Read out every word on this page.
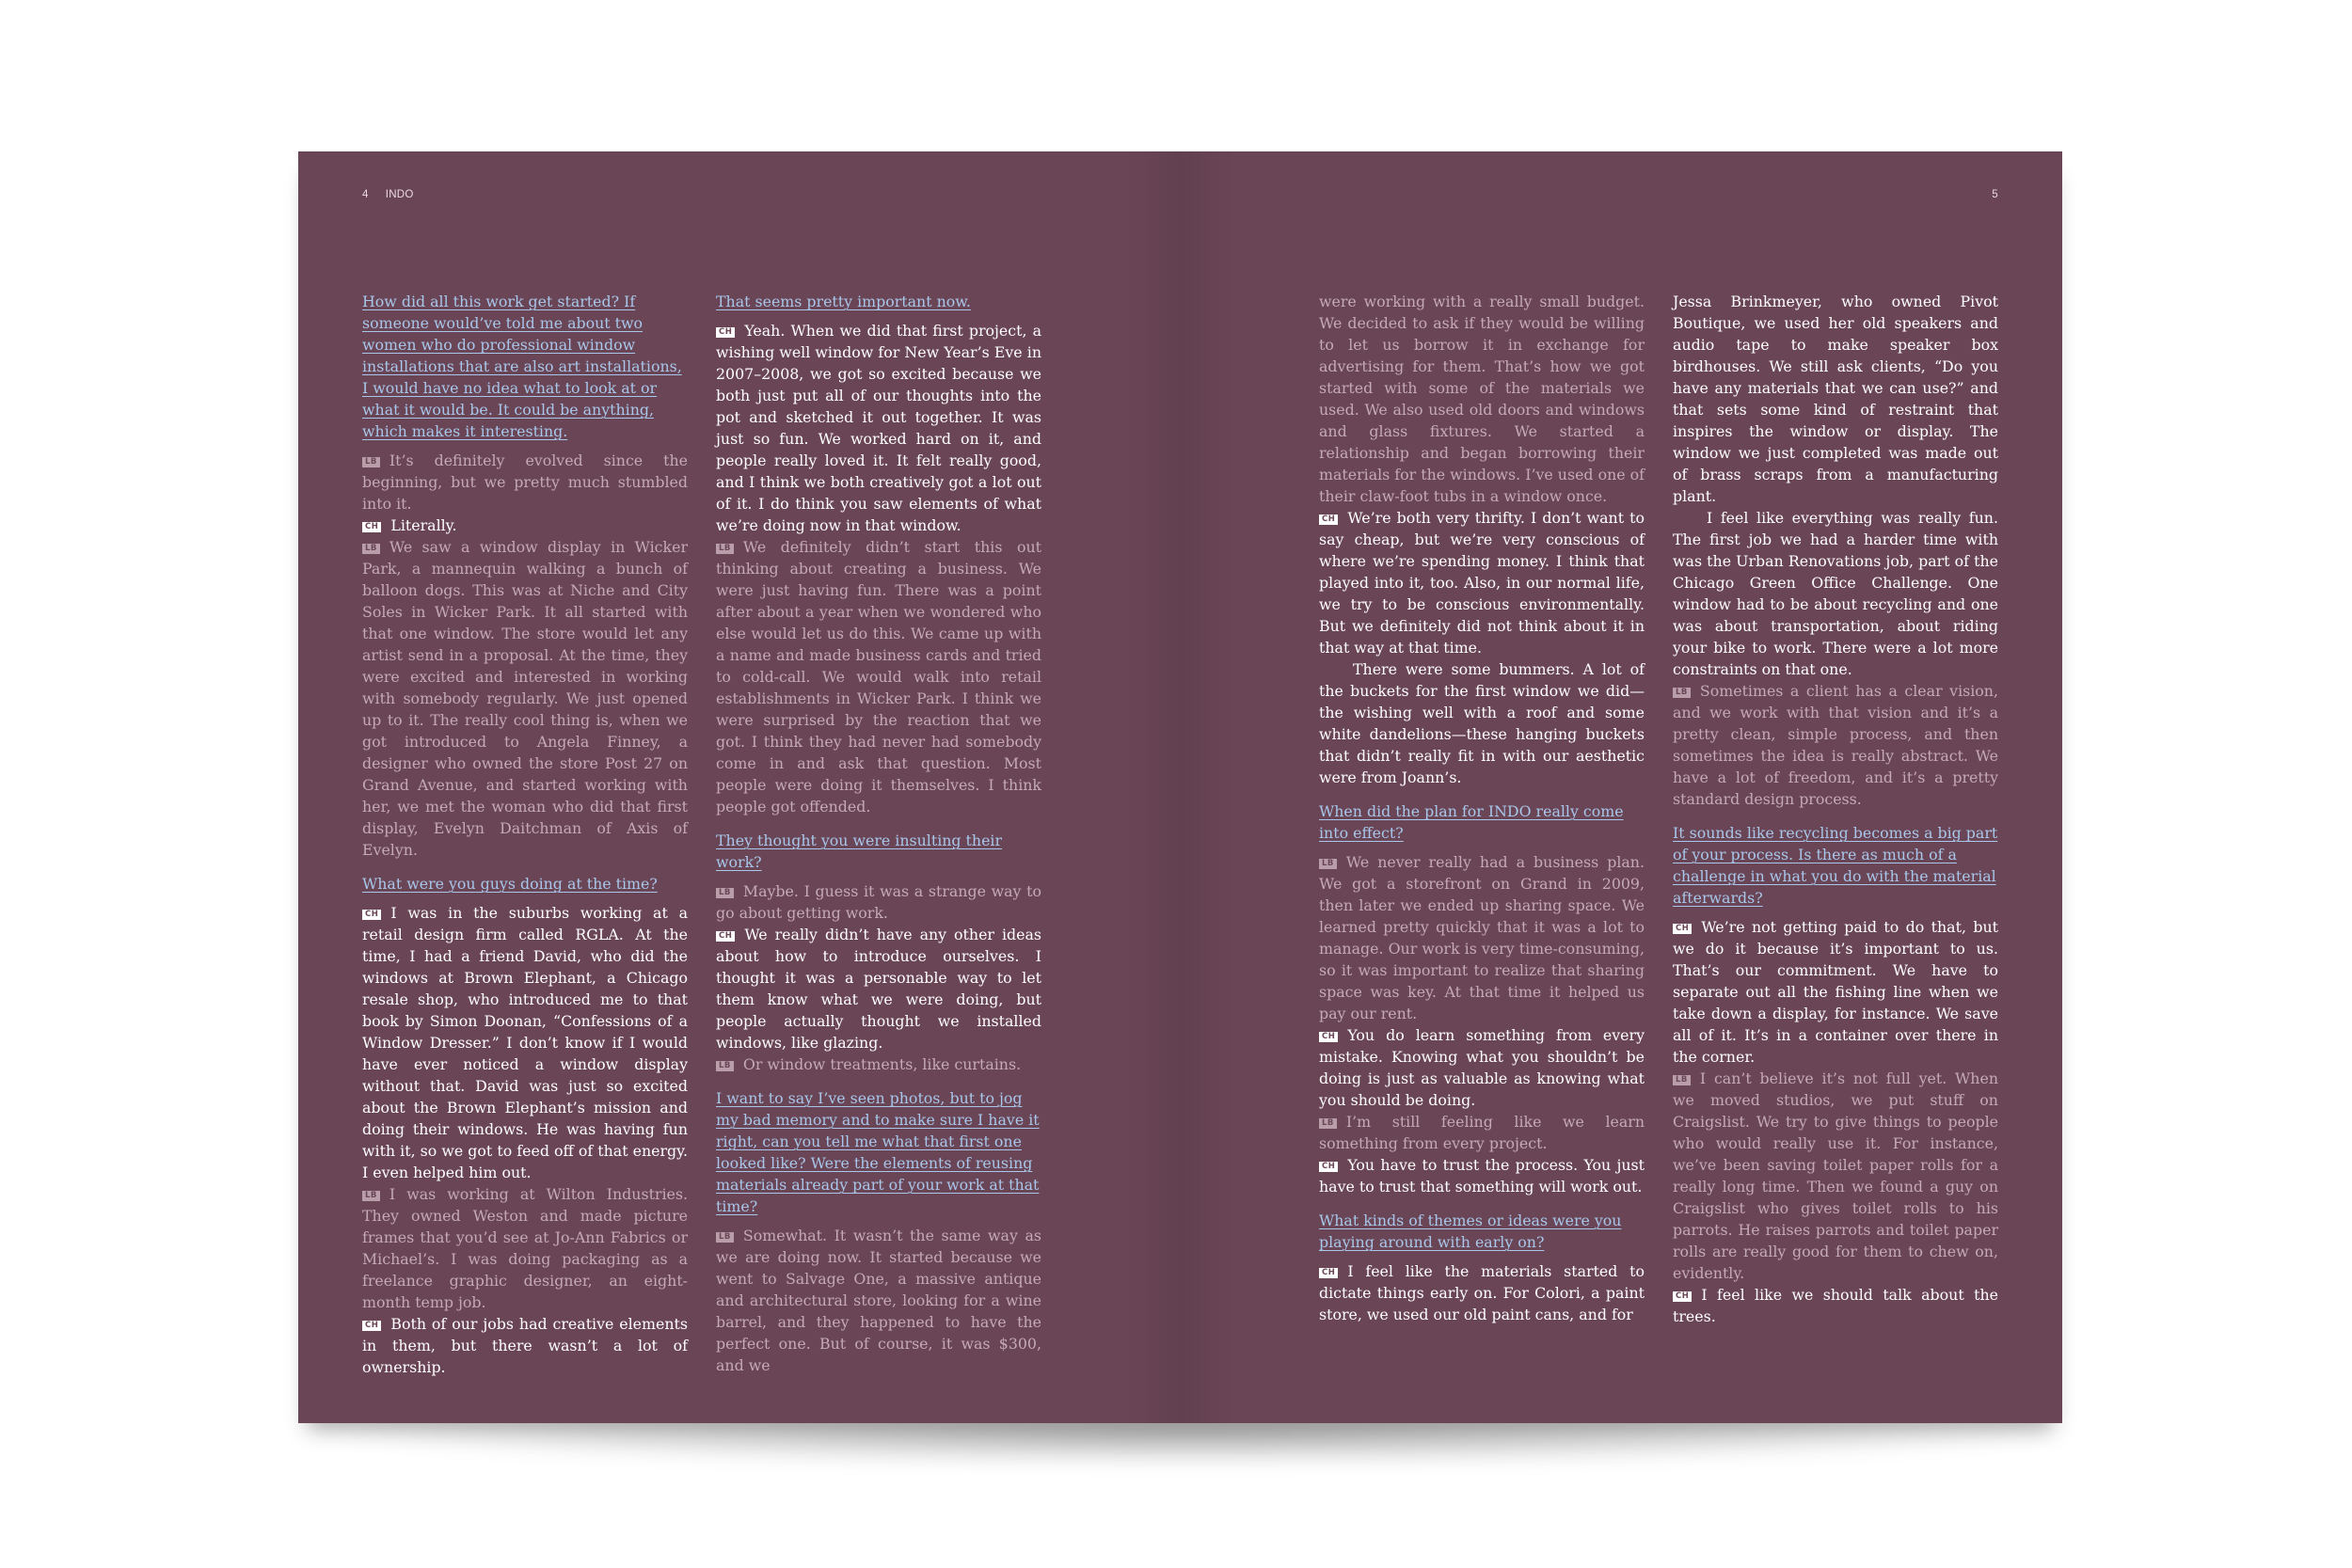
4 INDO

How did all this work get started? If someone would’ve told me about two women who do professional window installations that are also art installations, I would have no idea what to look at or what it would be. It could be anything, which makes it interesting.

LB It’s definitely evolved since the beginning, but we pretty much stumbled into it.

CH Literally.

LB We saw a window display in Wicker Park, a mannequin walking a bunch of balloon dogs. This was at Niche and City Soles in Wicker Park. It all started with that one window. The store would let any artist send in a proposal. At the time, they were excited and interested in working with somebody regularly. We just opened up to it. The really cool thing is, when we got introduced to Angela Finney, a designer who owned the store Post 27 on Grand Avenue, and started working with her, we met the woman who did that first display, Evelyn Daitchman of Axis of Evelyn.

What were you guys doing at the time?

CH I was in the suburbs working at a retail design firm called RGLA. At the time, I had a friend David, who did the windows at Brown Elephant, a Chicago resale shop, who introduced me to that book by Simon Doonan, “Confessions of a Window Dresser.” I don’t know if I would have ever noticed a window display without that. David was just so excited about the Brown Elephant’s mission and doing their windows. He was having fun with it, so we got to feed off of that energy. I even helped him out.

LB I was working at Wilton Industries. They owned Weston and made picture frames that you’d see at Jo-Ann Fabrics or Michael’s. I was doing packaging as a freelance graphic designer, an eight-month temp job.

CH Both of our jobs had creative elements in them, but there wasn’t a lot of ownership.

That seems pretty important now.

CH Yeah. When we did that first project, a wishing well window for New Year’s Eve in 2007–2008, we got so excited because we both just put all of our thoughts into the pot and sketched it out together. It was just so fun. We worked hard on it, and people really loved it. It felt really good, and I think we both creatively got a lot out of it. I do think you saw elements of what we’re doing now in that window.

LB We definitely didn’t start this out thinking about creating a business. We were just having fun. There was a point after about a year when we wondered who else would let us do this. We came up with a name and made business cards and tried to cold-call. We would walk into retail establishments in Wicker Park. I think we were surprised by the reaction that we got. I think they had never had somebody come in and ask that question. Most people were doing it themselves. I think people got offended.

They thought you were insulting their work?

LB Maybe. I guess it was a strange way to go about getting work.

CH We really didn’t have any other ideas about how to introduce ourselves. I thought it was a personable way to let them know what we were doing, but people actually thought we installed windows, like glazing.

LB Or window treatments, like curtains.

I want to say I’ve seen photos, but to jog my bad memory and to make sure I have it right, can you tell me what that first one looked like? Were the elements of reusing materials already part of your work at that time?

LB Somewhat. It wasn’t the same way as we are doing now. It started because we went to Salvage One, a massive antique and architectural store, looking for a wine barrel, and they happened to have the perfect one. But of course, it was $300, and we

5

were working with a really small budget. We decided to ask if they would be willing to let us borrow it in exchange for advertising for them. That’s how we got started with some of the materials we used. We also used old doors and windows and glass fixtures. We started a relationship and began borrowing their materials for the windows. I’ve used one of their claw-foot tubs in a window once.

CH We’re both very thrifty. I don’t want to say cheap, but we’re very conscious of where we’re spending money. I think that played into it, too. Also, in our normal life, we try to be conscious environmentally. But we definitely did not think about it in that way at that time.

There were some bummers. A lot of the buckets for the first window we did—the wishing well with a roof and some white dandelions—these hanging buckets that didn’t really fit in with our aesthetic were from Joann’s.

When did the plan for INDO really come into effect?

LB We never really had a business plan. We got a storefront on Grand in 2009, then later we ended up sharing space. We learned pretty quickly that it was a lot to manage. Our work is very time-consuming, so it was important to realize that sharing space was key. At that time it helped us pay our rent.

CH You do learn something from every mistake. Knowing what you shouldn’t be doing is just as valuable as knowing what you should be doing.

LB I’m still feeling like we learn something from every project.

CH You have to trust the process. You just have to trust that something will work out.

What kinds of themes or ideas were you playing around with early on?

CH I feel like the materials started to dictate things early on. For Colori, a paint store, we used our old paint cans, and for

Jessa Brinkmeyer, who owned Pivot Boutique, we used her old speakers and audio tape to make speaker box birdhouses. We still ask clients, “Do you have any materials that we can use?” and that sets some kind of restraint that inspires the window or display. The window we just completed was made out of brass scraps from a manufacturing plant.

I feel like everything was really fun. The first job we had a harder time with was the Urban Renovations job, part of the Chicago Green Office Challenge. One window had to be about recycling and one was about transportation, about riding your bike to work. There were a lot more constraints on that one.

LB Sometimes a client has a clear vision, and we work with that vision and it’s a pretty clean, simple process, and then sometimes the idea is really abstract. We have a lot of freedom, and it’s a pretty standard design process.

It sounds like recycling becomes a big part of your process. Is there as much of a challenge in what you do with the material afterwards?

CH We’re not getting paid to do that, but we do it because it’s important to us. That’s our commitment. We have to separate out all the fishing line when we take down a display, for instance. We save all of it. It’s in a container over there in the corner.

LB I can’t believe it’s not full yet. When we moved studios, we put stuff on Craigslist. We try to give things to people who would really use it. For instance, we’ve been saving toilet paper rolls for a really long time. Then we found a guy on Craigslist who gives toilet rolls to his parrots. He raises parrots and toilet paper rolls are really good for them to chew on, evidently.

CH I feel like we should talk about the trees.
